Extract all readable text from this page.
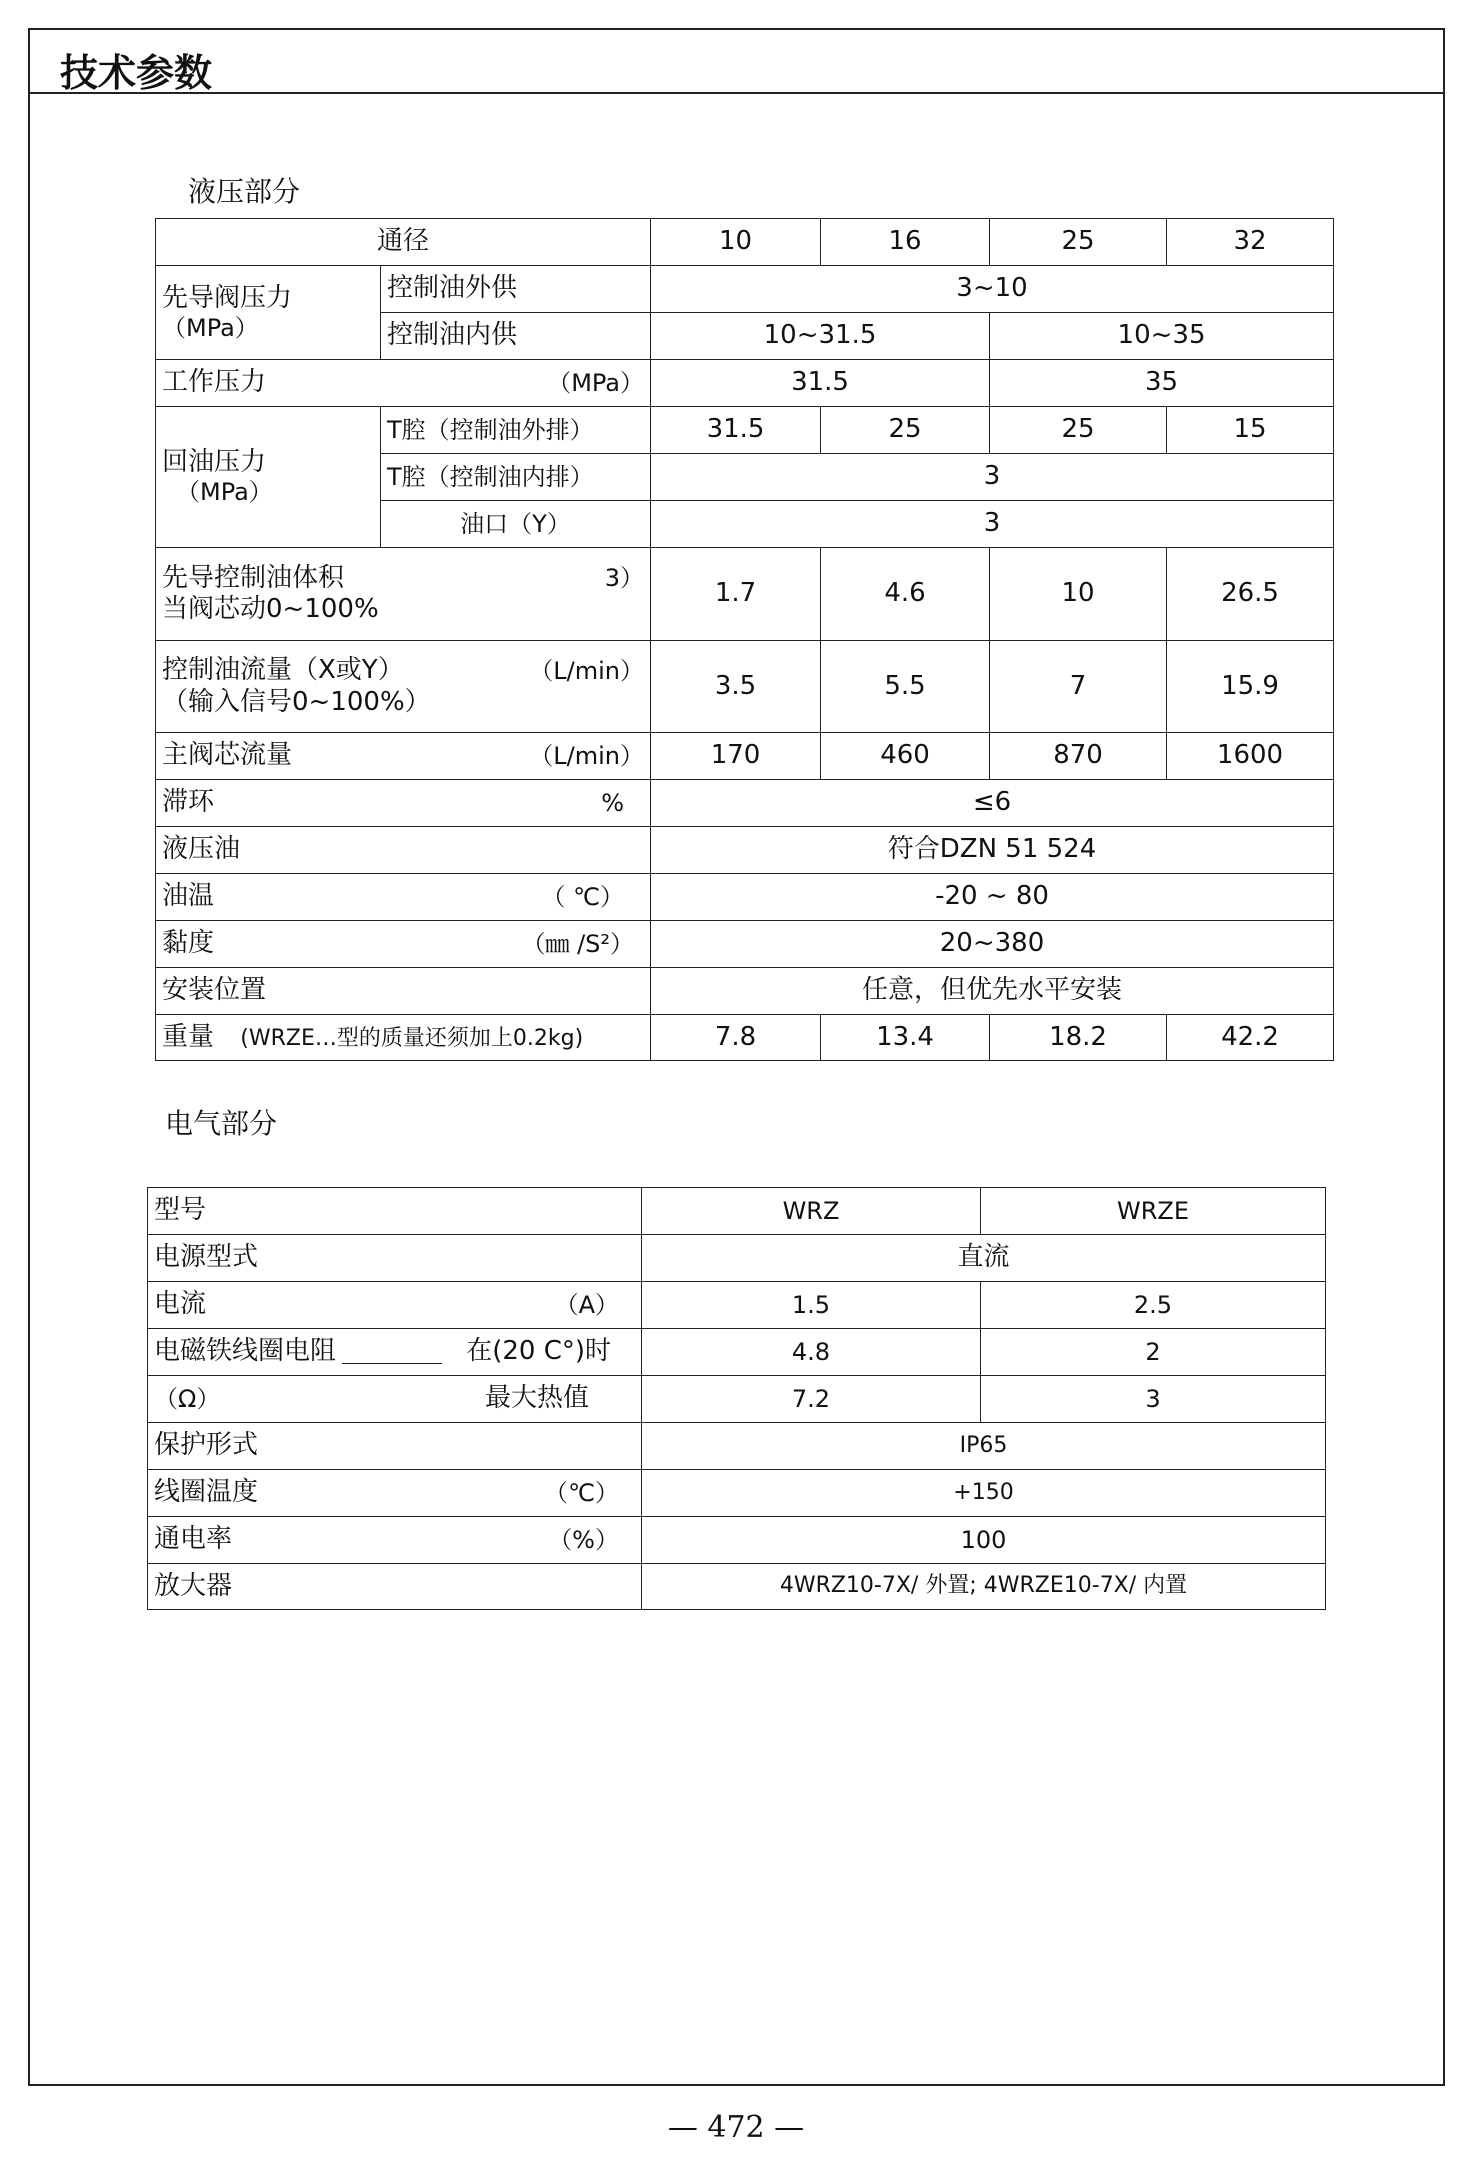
技术参数
液压部分
通径		10	16	25	32

先导阀压力
（MPa）	控制油外供	3~10			
	控制油内供	10~31.5		10~35	

工作压力 （MPa）		31.5		35	

回油压力
（MPa）	T腔（控制油外排）	31.5	25	25	15
	T腔（控制油内排）	3			
	油口（Y）	3			

先导控制油体积 3）
当阀芯动0~100%		1.7	4.6	10	26.5

控制油流量（X或Y） （L/min）
（输入信号0~100%）		3.5	5.5	7	15.9

主阀芯流量 （L/min）		170	460	870	1600

滞环 %		≤6			
液压油		符合DZN 51 524			

油温 （ ℃）		-20 ~ 80			

黏度 （㎜ /S²）		20~380			
安装位置		任意，但优先水平安装			
重量 (WRZE…型的质量还须加上0.2kg)		7.8	13.4	18.2	42.2
电气部分
型号	WRZ	WRZE
电源型式	直流	

电流 （A）	1.5	2.5

电磁铁线圈电阻 在(20 C°)时	4.8	2

（Ω） 最大热值	7.2	3
保护形式	IP65	

线圈温度 （℃）	+150	

通电率 （%）	100	
放大器	4WRZ10-7X/ 外置; 4WRZE10-7X/ 内置	
— 472 —
